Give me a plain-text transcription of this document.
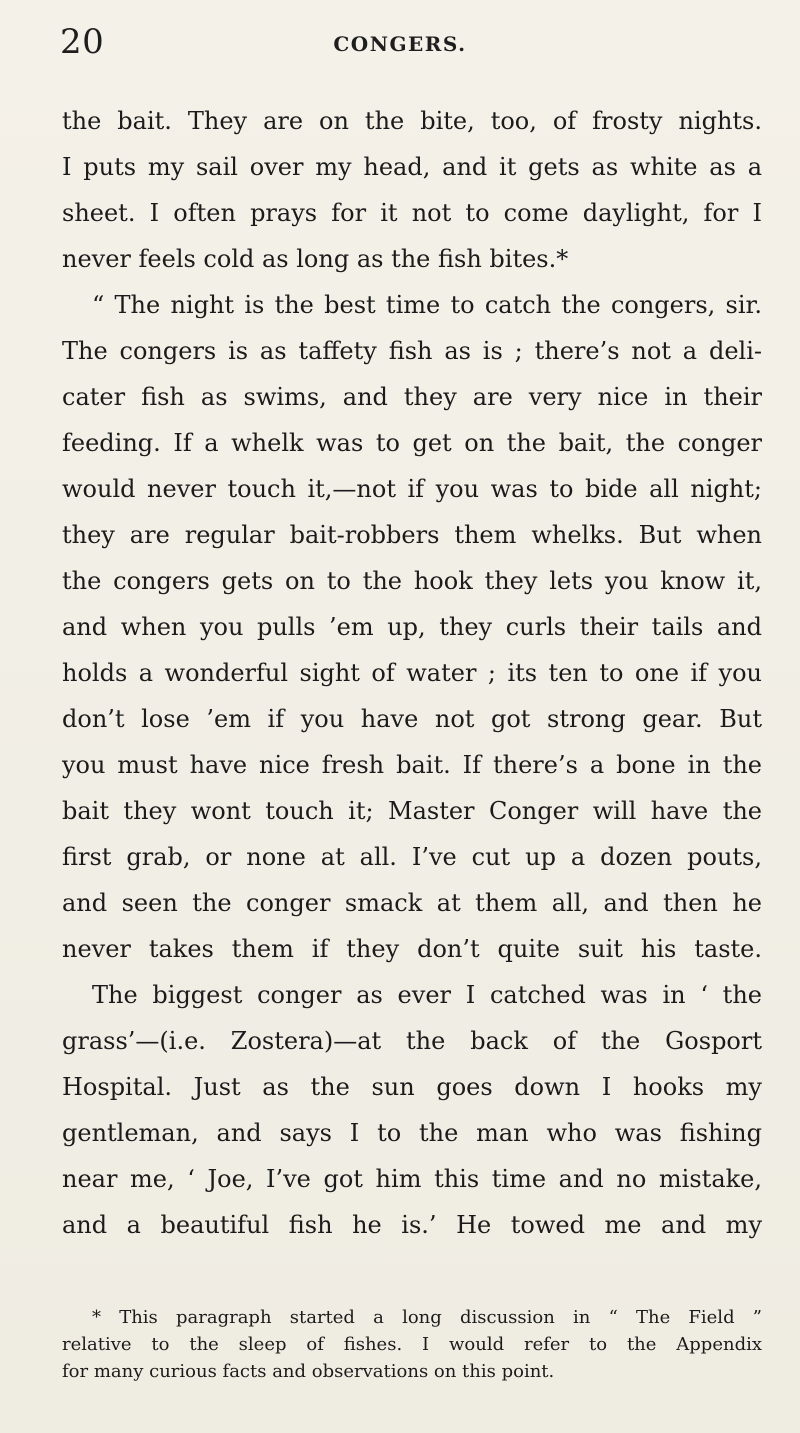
20	CONGERS.
the bait. They are on the bite, too, of frosty nights.
I puts my sail over my head, and it gets as white as a
sheet. I often prays for it not to come daylight, for I
never feels cold as long as the fish bites.*
“ The night is the best time to catch the congers, sir.
The congers is as taffety fish as is ; there’s not a deli-
cater fish as swims, and they are very nice in their
feeding. If a whelk was to get on the bait, the conger
would never touch it,—not if you was to bide all night;
they are regular bait-robbers them whelks. But when
the congers gets on to the hook they lets you know it,
and when you pulls ’em up, they curls their tails and
holds a wonderful sight of water ; its ten to one if you
don’t lose ’em if you have not got strong gear. But
you must have nice fresh bait. If there’s a bone in the
bait they wont touch it; Master Conger will have the
first grab, or none at all. I’ve cut up a dozen pouts,
and seen the conger smack at them all, and then he
never takes them if they don’t quite suit his taste.
The biggest conger as ever I catched was in ‘ the
grass’—(i.e. Zostera)—at the back of the Gosport
Hospital. Just as the sun goes down I hooks my
gentleman, and says I to the man who was fishing
near me, ‘ Joe, I’ve got him this time and no mistake,
and a beautiful fish he is.’ He towed me and my
* This paragraph started a long discussion in “ The Field ”
relative to the sleep of fishes. I would refer to the Appendix
for many curious facts and observations on this point.
